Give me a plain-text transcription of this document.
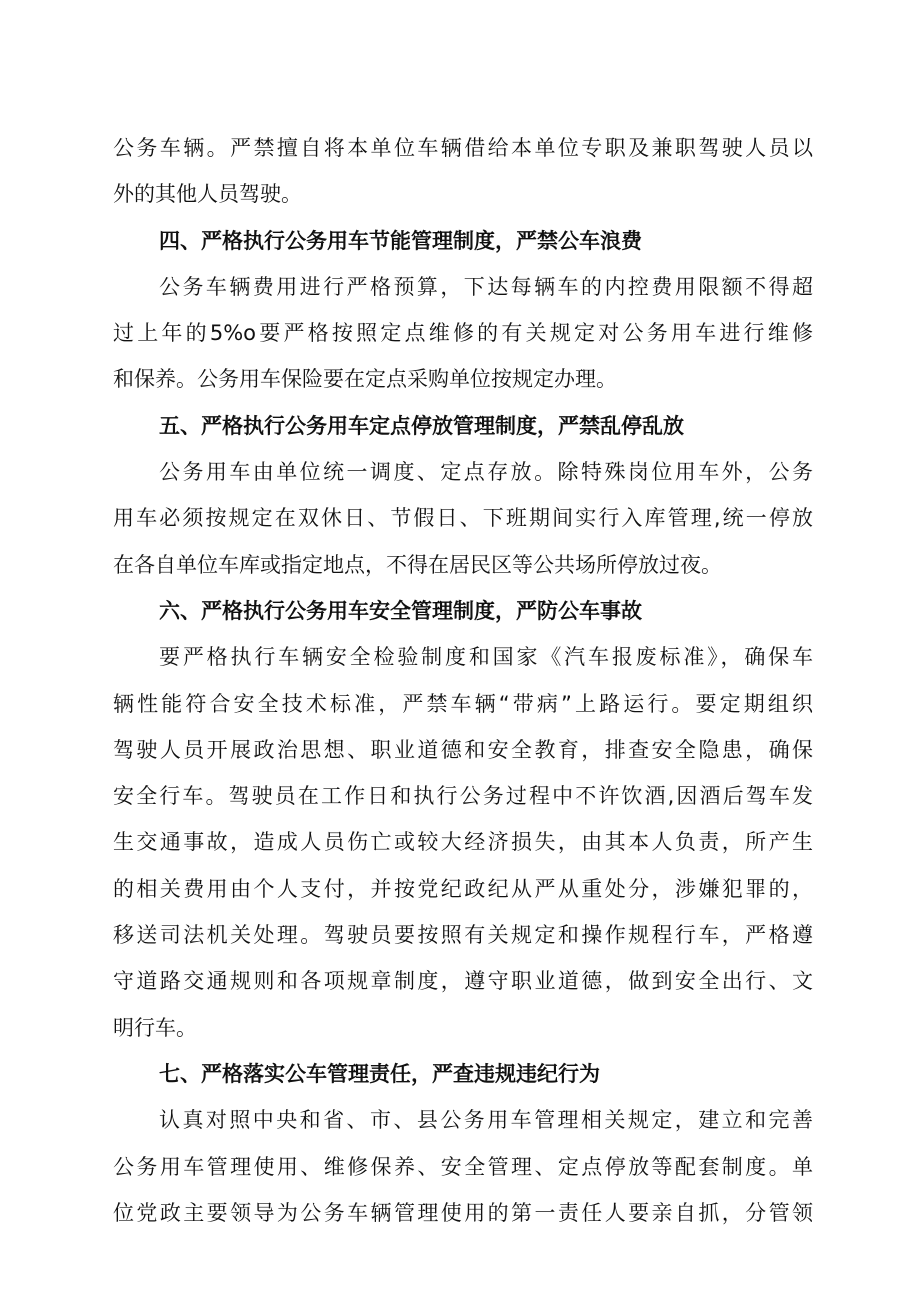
公务车辆。严禁擅自将本单位车辆借给本单位专职及兼职驾驶人员以
外的其他人员驾驶。
四、严格执行公务用车节能管理制度，严禁公车浪费
公务车辆费用进行严格预算，下达每辆车的内控费用限额不得超
过上年的5%o要严格按照定点维修的有关规定对公务用车进行维修
和保养。公务用车保险要在定点采购单位按规定办理。
五、严格执行公务用车定点停放管理制度，严禁乱停乱放
公务用车由单位统一调度、定点存放。除特殊岗位用车外，公务
用车必须按规定在双休日、节假日、下班期间实行入库管理,统一停放
在各自单位车库或指定地点，不得在居民区等公共场所停放过夜。
六、严格执行公务用车安全管理制度，严防公车事故
要严格执行车辆安全检验制度和国家《汽车报废标准》，确保车
辆性能符合安全技术标准，严禁车辆“带病”上路运行。要定期组织
驾驶人员开展政治思想、职业道德和安全教育，排查安全隐患，确保
安全行车。驾驶员在工作日和执行公务过程中不许饮酒,因酒后驾车发
生交通事故，造成人员伤亡或较大经济损失，由其本人负责，所产生
的相关费用由个人支付，并按党纪政纪从严从重处分，涉嫌犯罪的，
移送司法机关处理。驾驶员要按照有关规定和操作规程行车，严格遵
守道路交通规则和各项规章制度，遵守职业道德，做到安全出行、文
明行车。
七、严格落实公车管理责任，严查违规违纪行为
认真对照中央和省、市、县公务用车管理相关规定，建立和完善
公务用车管理使用、维修保养、安全管理、定点停放等配套制度。单
位党政主要领导为公务车辆管理使用的第一责任人要亲自抓，分管领
